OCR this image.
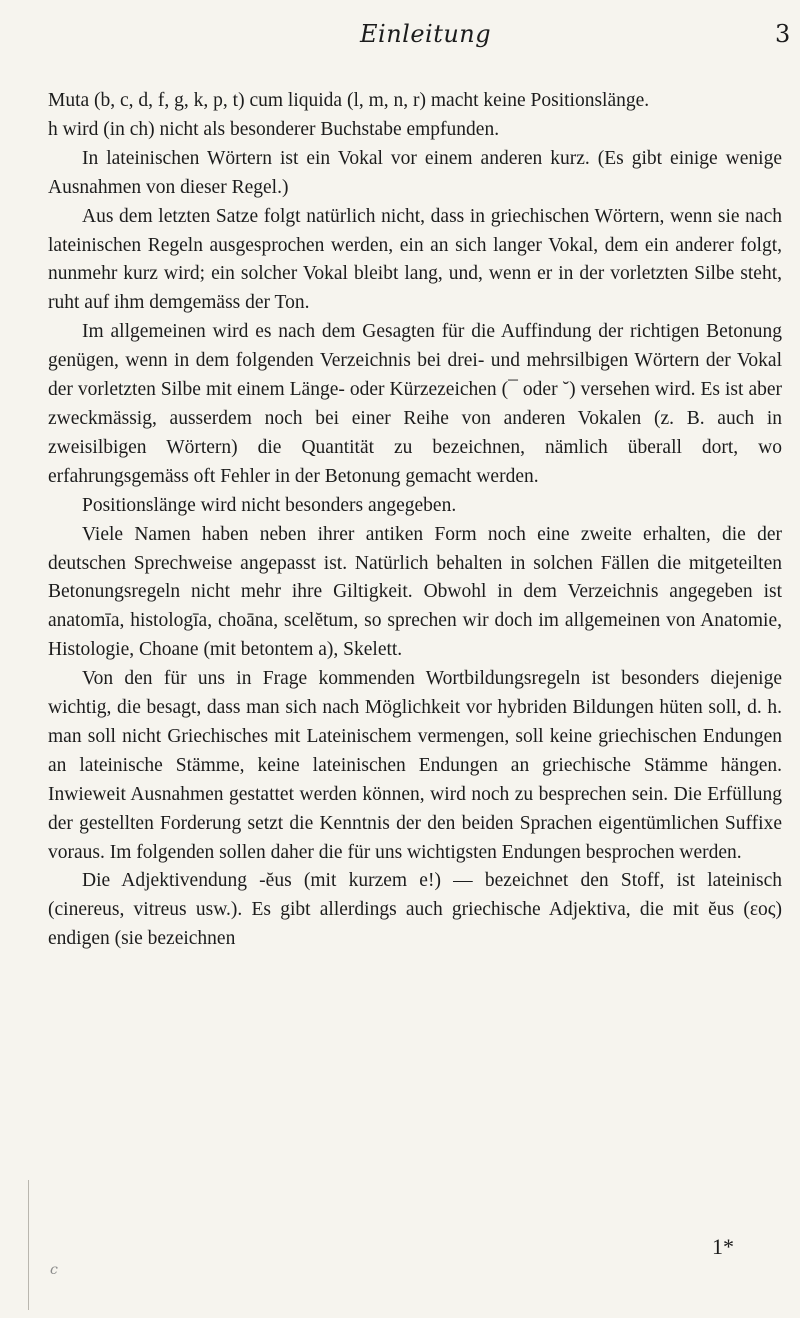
Einleitung	3

Muta (b, c, d, f, g, k, p, t) cum liquida (l, m, n, r) macht keine Positionslänge.

h wird (in ch) nicht als besonderer Buchstabe empfunden.

In lateinischen Wörtern ist ein Vokal vor einem anderen kurz. (Es gibt einige wenige Ausnahmen von dieser Regel.)

Aus dem letzten Satze folgt natürlich nicht, dass in griechischen Wörtern, wenn sie nach lateinischen Regeln ausgesprochen werden, ein an sich langer Vokal, dem ein anderer folgt, nunmehr kurz wird; ein solcher Vokal bleibt lang, und, wenn er in der vorletzten Silbe steht, ruht auf ihm demgemäss der Ton.

Im allgemeinen wird es nach dem Gesagten für die Auffindung der richtigen Betonung genügen, wenn in dem folgenden Verzeichnis bei drei- und mehrsilbigen Wörtern der Vokal der vorletzten Silbe mit einem Länge- oder Kürzezeichen (¯ oder ˘) versehen wird. Es ist aber zweckmässig, ausserdem noch bei einer Reihe von anderen Vokalen (z. B. auch in zweisilbigen Wörtern) die Quantität zu bezeichnen, nämlich überall dort, wo erfahrungsgemäss oft Fehler in der Betonung gemacht werden.

Positionslänge wird nicht besonders angegeben.

Viele Namen haben neben ihrer antiken Form noch eine zweite erhalten, die der deutschen Sprechweise angepasst ist. Natürlich behalten in solchen Fällen die mitgeteilten Betonungsregeln nicht mehr ihre Giltigkeit. Obwohl in dem Verzeichnis angegeben ist anatomīa, histologīa, choāna, scelĕtum, so sprechen wir doch im allgemeinen von Anatomie, Histologie, Choane (mit betontem a), Skelett.

Von den für uns in Frage kommenden Wortbildungsregeln ist besonders diejenige wichtig, die besagt, dass man sich nach Möglichkeit vor hybriden Bildungen hüten soll, d. h. man soll nicht Griechisches mit Lateinischem vermengen, soll keine griechischen Endungen an lateinische Stämme, keine lateinischen Endungen an griechische Stämme hängen. Inwieweit Ausnahmen gestattet werden können, wird noch zu besprechen sein. Die Erfüllung der gestellten Forderung setzt die Kenntnis der den beiden Sprachen eigentümlichen Suffixe voraus. Im folgenden sollen daher die für uns wichtigsten Endungen besprochen werden.

Die Adjektivendung -ĕus (mit kurzem e!) — bezeichnet den Stoff, ist lateinisch (cinereus, vitreus usw.). Es gibt allerdings auch griechische Adjektiva, die mit ĕus (εος) endigen (sie bezeichnen

1*
c
